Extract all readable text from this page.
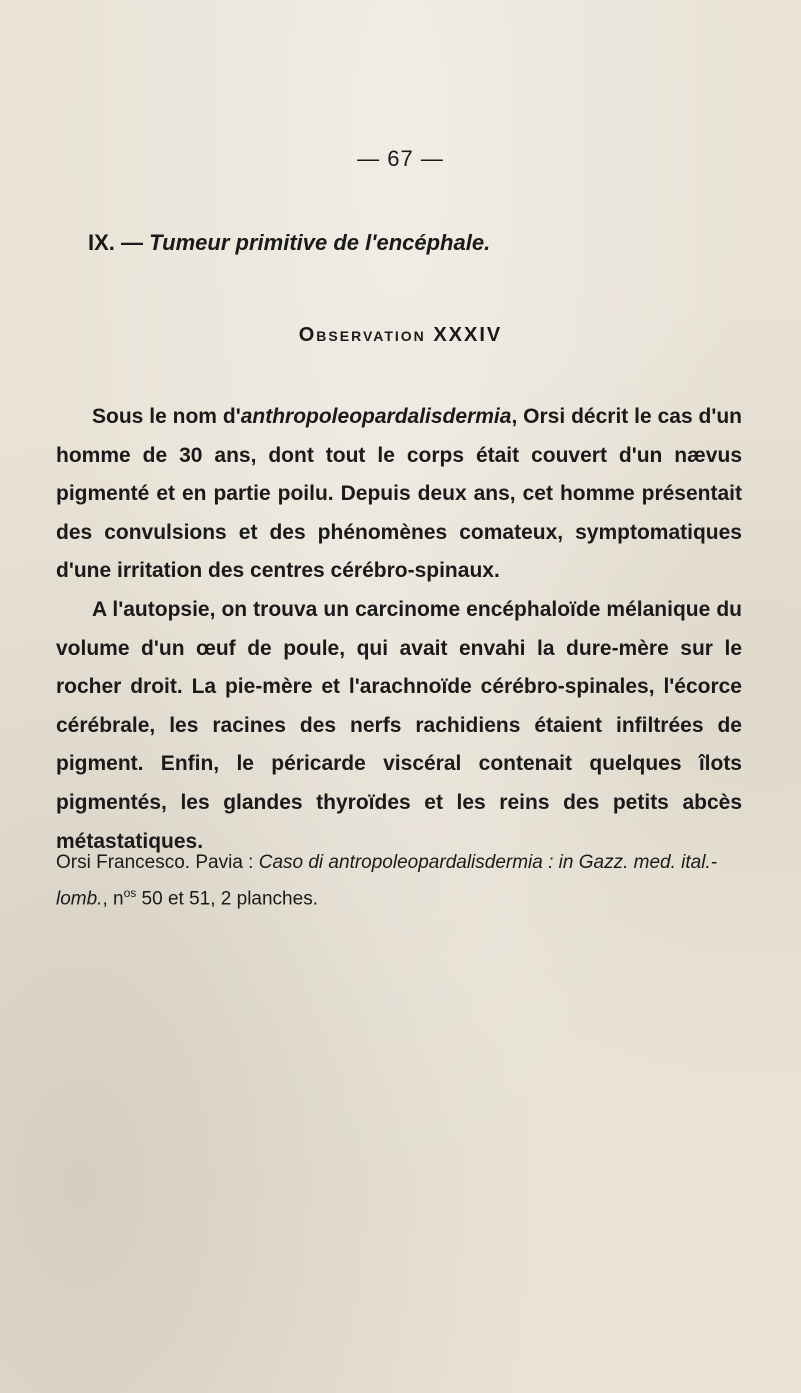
— 67 —
IX. — Tumeur primitive de l'encéphale.
Observation XXXIV

Sous le nom d'anthropoleopardalisdermia, Orsi décrit le cas d'un homme de 30 ans, dont tout le corps était couvert d'un nævus pigmenté et en partie poilu. Depuis deux ans, cet homme présentait des convulsions et des phénomènes comateux, symptomatiques d'une irritation des centres cérébro-spinaux.

A l'autopsie, on trouva un carcinome encéphaloïde mélanique du volume d'un œuf de poule, qui avait envahi la dure-mère sur le rocher droit. La pie-mère et l'arachnoïde cérébro-spinales, l'écorce cérébrale, les racines des nerfs rachidiens étaient infiltrées de pigment. Enfin, le péricarde viscéral contenait quelques îlots pigmentés, les glandes thyroïdes et les reins des petits abcès métastatiques.

Orsi Francesco. Pavia : Caso di antropoleopardalisdermia : in Gazz. med. ital.-lomb., $n^{os}$ 50 et 51, 2 planches.
